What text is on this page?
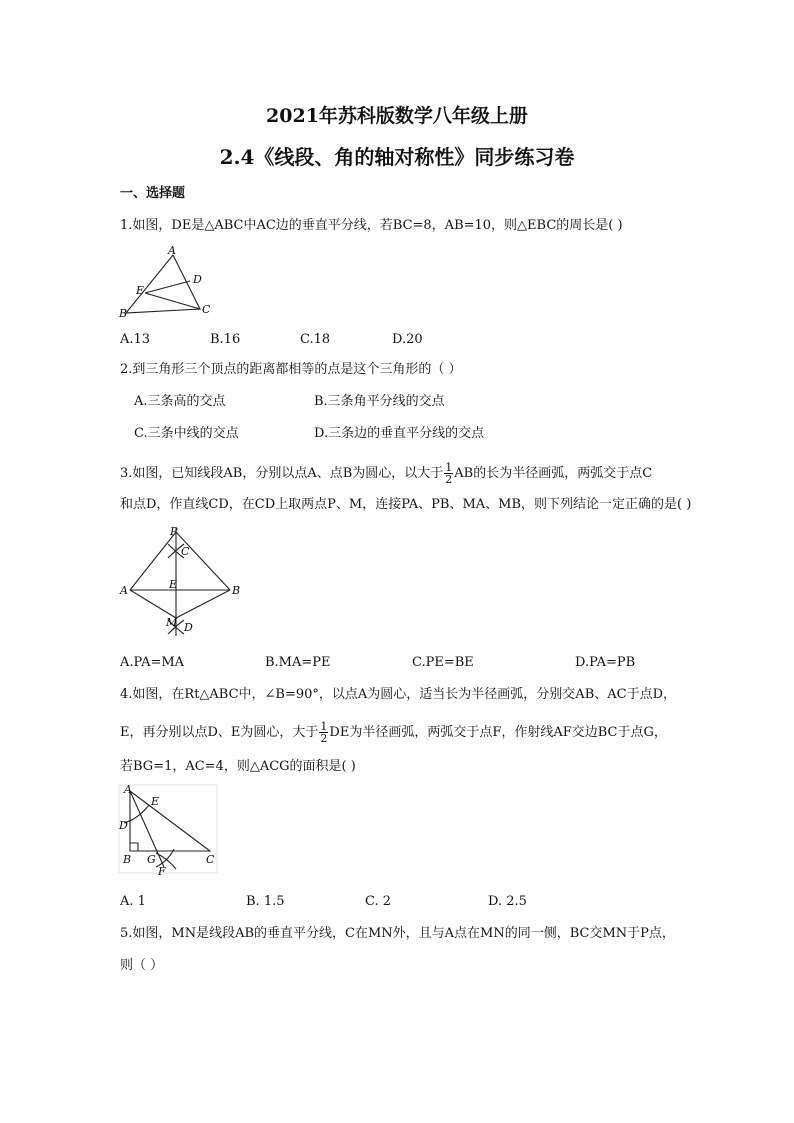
2021年苏科版数学八年级上册
2.4《线段、角的轴对称性》同步练习卷
一、选择题
1.如图，DE是△ABC中AC边的垂直平分线，若BC=8，AB=10，则△EBC的周长是( )
A
D
E
B	C
A.13	B.16	C.18	D.20
2.到三角形三个顶点的距离都相等的点是这个三角形的（ ）
A.三条高的交点	B.三条角平分线的交点
C.三条中线的交点	D.三条边的垂直平分线的交点
3.如图，已知线段AB，分别以点A、点B为圆心，以大于 $\frac{1}{2}$ AB的长为半径画弧，两弧交于点C
和点D，作直线CD，在CD上取两点P、M，连接PA、PB、MA、MB，则下列结论一定正确的是( )
P
C
E
A	B
M D
A.PA=MA	B.MA=PE	C.PE=BE	D.PA=PB
4.如图，在Rt△ABC中，∠B=90°，以点A为圆心，适当长为半径画弧，分别交AB、AC于点D，
E，再分别以点D、E为圆心，大于 $\frac{1}{2}$ DE为半径画弧，两弧交于点F，作射线AF交边BC于点G，
若BG=1，AC=4，则△ACG的面积是( )
A
E
D
B G	C
F
A. 1	B. 1.5	C. 2	D. 2.5
5.如图，MN是线段AB的垂直平分线，C在MN外，且与A点在MN的同一侧，BC交MN于P点，
则（ ）
